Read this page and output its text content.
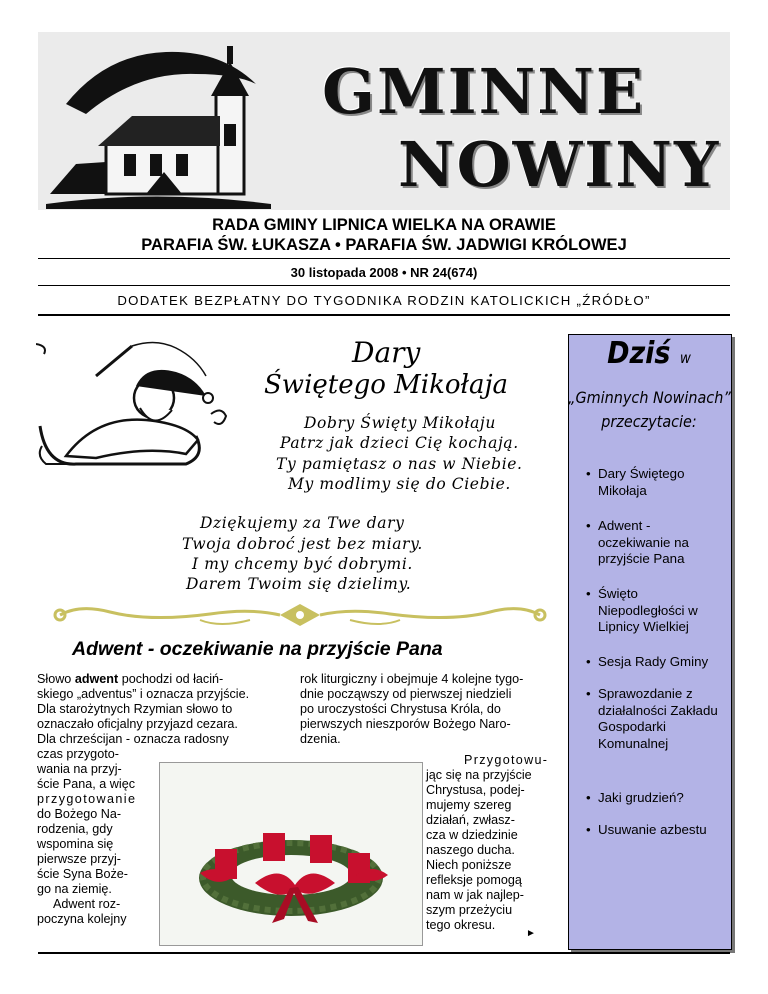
GMINNE
NOWINY
RADA GMINY LIPNICA WIELKA NA ORAWIE
PARAFIA ŚW. ŁUKASZA • PARAFIA ŚW. JADWIGI KRÓLOWEJ
30 listopada 2008 • NR 24(674)
DODATEK BEZPŁATNY DO TYGODNIKA RODZIN KATOLICKICH „ŹRÓDŁO”
Dziś w
„Gminnych Nowinach”
przeczytacie:
• Dary Świętego Mikołaja
• Adwent - oczekiwanie na przyjście Pana
• Święto Niepodległości w Lipnicy Wielkiej
• Sesja Rady Gminy
• Sprawozdanie z działalności Zakładu Gospodarki Komunalnej
• Jaki grudzień?
• Usuwanie azbestu
Dary
Świętego Mikołaja
Dobry Święty Mikołaju
Patrz jak dzieci Cię kochają.
Ty pamiętasz o nas w Niebie.
My modlimy się do Ciebie.
Dziękujemy za Twe dary
Twoja dobroć jest bez miary.
I my chcemy być dobrymi.
Darem Twoim się dzielimy.
Adwent - oczekiwanie na przyjście Pana
Słowo adwent pochodzi od łaciń-
skiego „adventus” i oznacza przyjście.
Dla starożytnych Rzymian słowo to
oznaczało oficjalny przyjazd cezara.
Dla chrześcijan - oznacza radosny
czas przygoto-
wania na przyj-
ście Pana, a więc
przygotowanie
do Bożego Na-
rodzenia, gdy
wspomina się
pierwsze przyj-
ście Syna Boże-
go na ziemię.
Adwent roz-
poczyna kolejny
rok liturgiczny i obejmuje 4 kolejne tygo-
dnie począwszy od pierwszej niedzieli
po uroczystości Chrystusa Króla, do
pierwszych nieszporów Bożego Naro-
dzenia.
Przygotowu-
jąc się na przyjście
Chrystusa, podej-
mujemy szereg
działań, zwłasz-
cza w dziedzinie
naszego ducha.
Niech poniższe
refleksje pomogą
nam w jak najlep-
szym przeżyciu
tego okresu.
►
